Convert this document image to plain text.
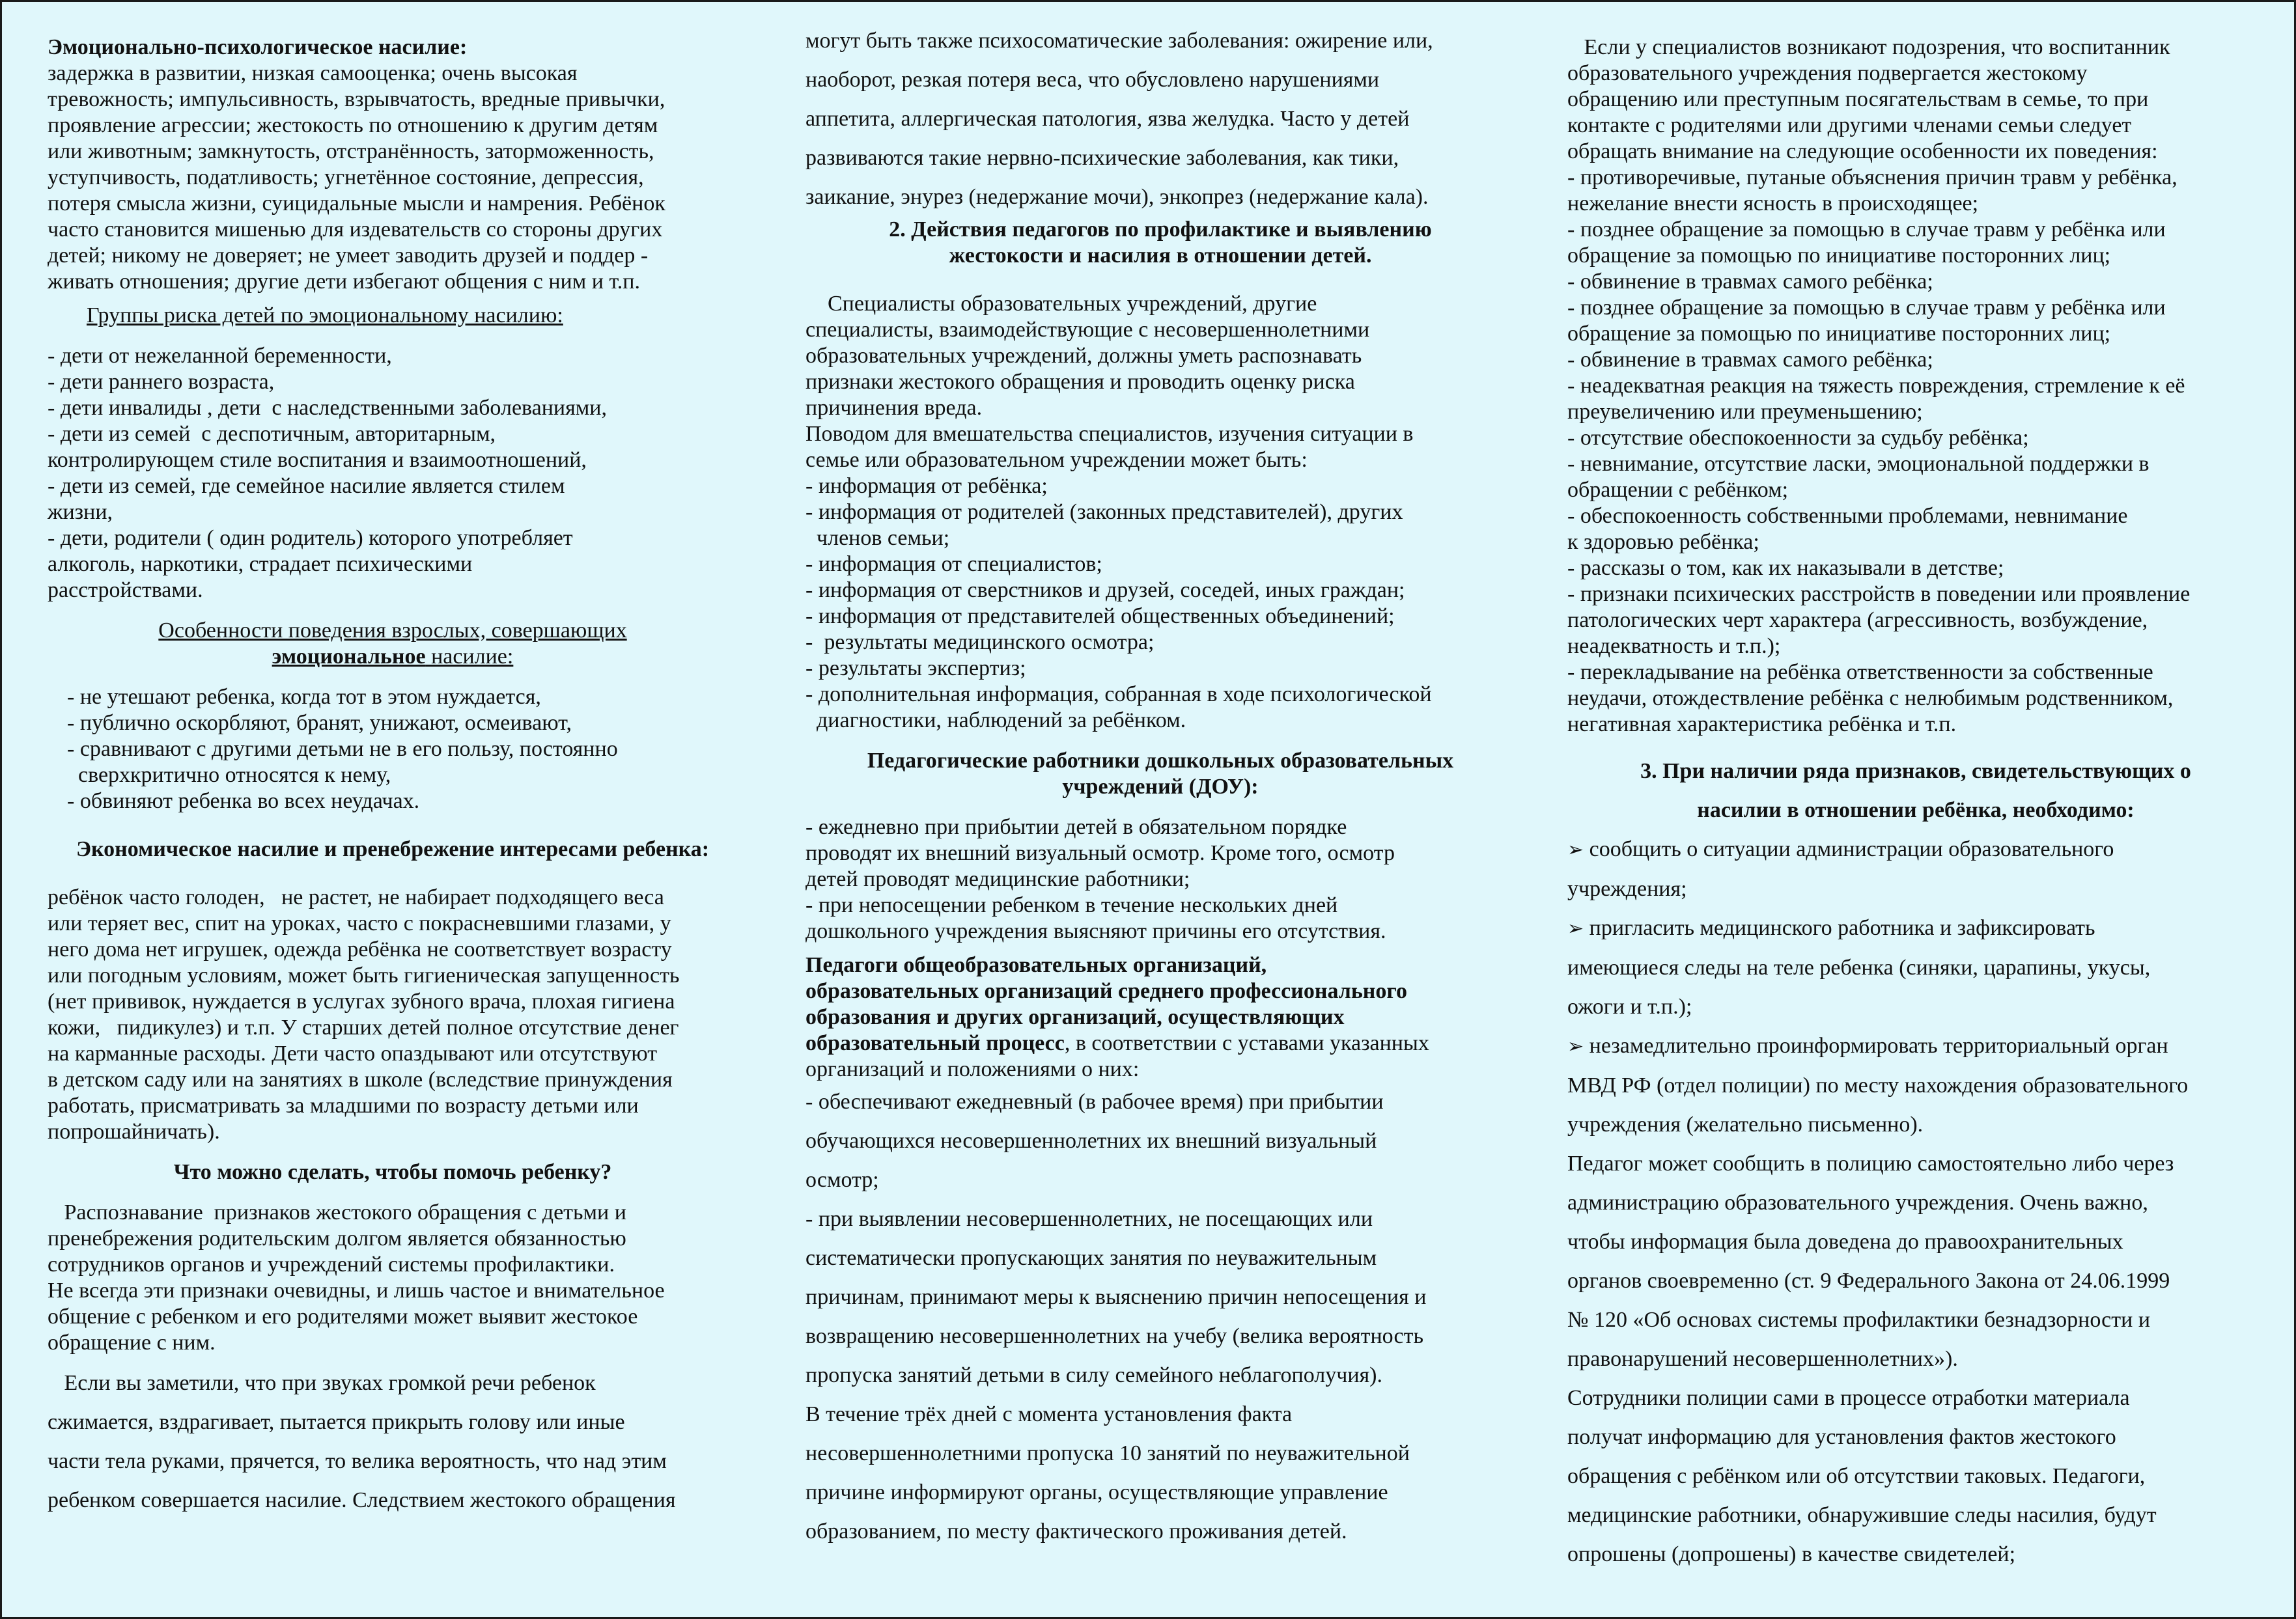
Эмоционально-психологическое насилие:
задержка в развитии, низкая самооценка; очень высокая
тревожность; импульсивность, взрывчатость, вредные привычки,
проявление агрессии; жестокость по отношению к другим детям
или животным; замкнутость, отстранённость, заторможенность,
уступчивость, податливость; угнетённое состояние, депрессия,
потеря смысла жизни, суицидальные мысли и намрения. Ребёнок
часто становится мишенью для издевательств со стороны других
детей; никому не доверяет; не умеет заводить друзей и поддер -
живать отношения; другие дети избегают общения с ним и т.п.
Группы риска детей по эмоциональному насилию:
- дети от нежеланной беременности,
- дети раннего возраста,
- дети инвалиды , дети  с наследственными заболеваниями,
- дети из семей  с деспотичным, авторитарным,
контролирующем стиле воспитания и взаимоотношений,
- дети из семей, где семейное насилие является стилем
жизни,
- дети, родители ( один родитель) которого употребляет
алкоголь, наркотики, страдает психическими
расстройствами.
Особенности поведения взрослых, совершающих
эмоциональное насилие:
- не утешают ребенка, когда тот в этом нуждается,
- публично оскорбляют, бранят, унижают, осмеивают,
- сравнивают с другими детьми не в его пользу, постоянно
сверхкритично относятся к нему,
- обвиняют ребенка во всех неудачах.
Экономическое насилие и пренебрежение интересами ребенка:
ребёнок часто голоден,   не растет, не набирает подходящего веса
или теряет вес, спит на уроках, часто с покрасневшими глазами, у
него дома нет игрушек, одежда ребёнка не соответствует возрасту
или погодным условиям, может быть гигиеническая запущенность
(нет прививок, нуждается в услугах зубного врача, плохая гигиена
кожи,   пидикулез) и т.п. У старших детей полное отсутствие денег
на карманные расходы. Дети часто опаздывают или отсутствуют
в детском саду или на занятиях в школе (вследствие принуждения
работать, присматривать за младшими по возрасту детьми или
попрошайничать).
Что можно сделать, чтобы помочь ребенку?
Распознавание  признаков жестокого обращения с детьми и
пренебрежения родительским долгом является обязанностью
сотрудников органов и учреждений системы профилактики.
Не всегда эти признаки очевидны, и лишь частое и внимательное
общение с ребенком и его родителями может выявит жестокое
обращение с ним.
Если вы заметили, что при звуках громкой речи ребенок
сжимается, вздрагивает, пытается прикрыть голову или иные
части тела руками, прячется, то велика вероятность, что над этим
ребенком совершается насилие. Следствием жестокого обращения
могут быть также психосоматические заболевания: ожирение или,
наоборот, резкая потеря веса, что обусловлено нарушениями
аппетита, аллергическая патология, язва желудка. Часто у детей
развиваются такие нервно-психические заболевания, как тики,
заикание, энурез (недержание мочи), энкопрез (недержание кала).
2. Действия педагогов по профилактике и выявлению
жестокости и насилия в отношении детей.
Специалисты образовательных учреждений, другие
специалисты, взаимодействующие с несовершеннолетними
образовательных учреждений, должны уметь распознавать
признаки жестокого обращения и проводить оценку риска
причинения вреда.
Поводом для вмешательства специалистов, изучения ситуации в
семье или образовательном учреждении может быть:
- информация от ребёнка;
- информация от родителей (законных представителей), других
членов семьи;
- информация от специалистов;
- информация от сверстников и друзей, соседей, иных граждан;
- информация от представителей общественных объединений;
-  результаты медицинского осмотра;
- результаты экспертиз;
- дополнительная информация, собранная в ходе психологической
диагностики, наблюдений за ребёнком.
Педагогические работники дошкольных образовательных
учреждений (ДОУ):
- ежедневно при прибытии детей в обязательном порядке
проводят их внешний визуальный осмотр. Кроме того, осмотр
детей проводят медицинские работники;
- при непосещении ребенком в течение нескольких дней
дошкольного учреждения выясняют причины его отсутствия.
Педагоги общеобразовательных организаций,
образовательных организаций среднего профессионального
образования и других организаций, осуществляющих
образовательный процесс, в соответствии с уставами указанных
организаций и положениями о них:
- обеспечивают ежедневный (в рабочее время) при прибытии
обучающихся несовершеннолетних их внешний визуальный
осмотр;
- при выявлении несовершеннолетних, не посещающих или
систематически пропускающих занятия по неуважительным
причинам, принимают меры к выяснению причин непосещения и
возвращению несовершеннолетних на учебу (велика вероятность
пропуска занятий детьми в силу семейного неблагополучия).
В течение трёх дней с момента установления факта
несовершеннолетними пропуска 10 занятий по неуважительной
причине информируют органы, осуществляющие управление
образованием, по месту фактического проживания детей.
Если у специалистов возникают подозрения, что воспитанник
образовательного учреждения подвергается жестокому
обращению или преступным посягательствам в семье, то при
контакте с родителями или другими членами семьи следует
обращать внимание на следующие особенности их поведения:
- противоречивые, путаные объяснения причин травм у ребёнка,
нежелание внести ясность в происходящее;
- позднее обращение за помощью в случае травм у ребёнка или
обращение за помощью по инициативе посторонних лиц;
- обвинение в травмах самого ребёнка;
- позднее обращение за помощью в случае травм у ребёнка или
обращение за помощью по инициативе посторонних лиц;
- обвинение в травмах самого ребёнка;
- неадекватная реакция на тяжесть повреждения, стремление к её
преувеличению или преуменьшению;
- отсутствие обеспокоенности за судьбу ребёнка;
- невнимание, отсутствие ласки, эмоциональной поддержки в
обращении с ребёнком;
- обеспокоенность собственными проблемами, невнимание
к здоровью ребёнка;
- рассказы о том, как их наказывали в детстве;
- признаки психических расстройств в поведении или проявление
патологических черт характера (агрессивность, возбуждение,
неадекватность и т.п.);
- перекладывание на ребёнка ответственности за собственные
неудачи, отождествление ребёнка с нелюбимым родственником,
негативная характеристика ребёнка и т.п.
3. При наличии ряда признаков, свидетельствующих о
насилии в отношении ребёнка, необходимо:
➢ сообщить о ситуации администрации образовательного
учреждения;
➢ пригласить медицинского работника и зафиксировать
имеющиеся следы на теле ребенка (синяки, царапины, укусы,
ожоги и т.п.);
➢ незамедлительно проинформировать территориальный орган
МВД РФ (отдел полиции) по месту нахождения образовательного
учреждения (желательно письменно).
Педагог может сообщить в полицию самостоятельно либо через
администрацию образовательного учреждения. Очень важно,
чтобы информация была доведена до правоохранительных
органов своевременно (ст. 9 Федерального Закона от 24.06.1999
№ 120 «Об основах системы профилактики безнадзорности и
правонарушений несовершеннолетних»).
Сотрудники полиции сами в процессе отработки материала
получат информацию для установления фактов жестокого
обращения с ребёнком или об отсутствии таковых. Педагоги,
медицинские работники, обнаружившие следы насилия, будут
опрошены (допрошены) в качестве свидетелей;
